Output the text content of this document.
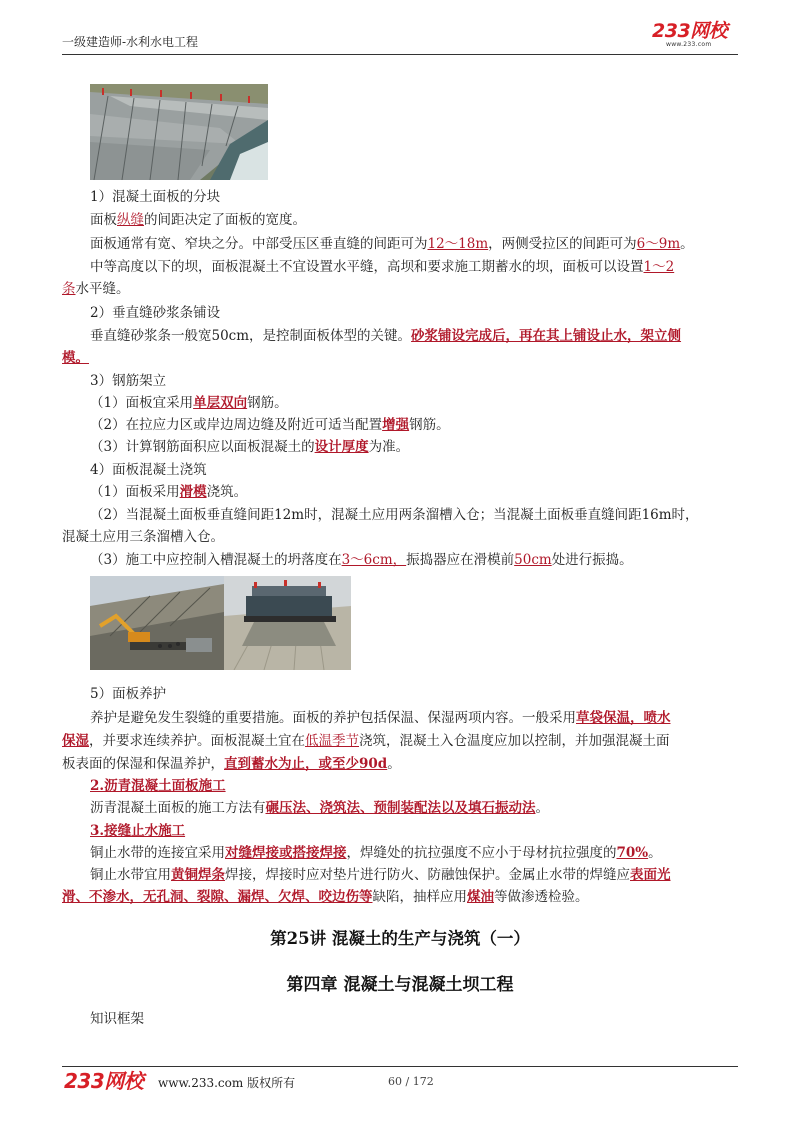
一级建造师-水利水电工程	233网校
www.233.com
1）混凝土面板的分块
面板纵缝的间距决定了面板的宽度。
面板通常有宽、窄块之分。中部受压区垂直缝的间距可为12～18m，两侧受拉区的间距可为6～9m。
中等高度以下的坝，面板混凝土不宜设置水平缝，高坝和要求施工期蓄水的坝，面板可以设置1～2
条水平缝。
2）垂直缝砂浆条铺设
垂直缝砂浆条一般宽50cm，是控制面板体型的关键。砂浆铺设完成后，再在其上铺设止水，架立侧
模。
3）钢筋架立
（1）面板宜采用单层双向钢筋。
（2）在拉应力区或岸边周边缝及附近可适当配置增强钢筋。
（3）计算钢筋面积应以面板混凝土的设计厚度为准。
4）面板混凝土浇筑
（1）面板采用滑模浇筑。
（2）当混凝土面板垂直缝间距12m时，混凝土应用两条溜槽入仓；当混凝土面板垂直缝间距16m时，
混凝土应用三条溜槽入仓。
（3）施工中应控制入槽混凝土的坍落度在3～6cm，振捣器应在滑模前50cm处进行振捣。
5）面板养护
养护是避免发生裂缝的重要措施。面板的养护包括保温、保湿两项内容。一般采用草袋保温，喷水
保湿，并要求连续养护。面板混凝土宜在低温季节浇筑，混凝土入仓温度应加以控制，并加强混凝土面
板表面的保湿和保温养护，直到蓄水为止，或至少90d。
2.沥青混凝土面板施工
沥青混凝土面板的施工方法有碾压法、浇筑法、预制装配法以及填石振动法。
3.接缝止水施工
铜止水带的连接宜采用对缝焊接或搭接焊接，焊缝处的抗拉强度不应小于母材抗拉强度的70%。
铜止水带宜用黄铜焊条焊接，焊接时应对垫片进行防火、防融蚀保护。金属止水带的焊缝应表面光
滑、不渗水，无孔洞、裂隙、漏焊、欠焊、咬边伤等缺陷，抽样应用煤油等做渗透检验。
第25讲 混凝土的生产与浇筑（一）
第四章 混凝土与混凝土坝工程
知识框架
233网校 www.233.com 版权所有	60 / 172
